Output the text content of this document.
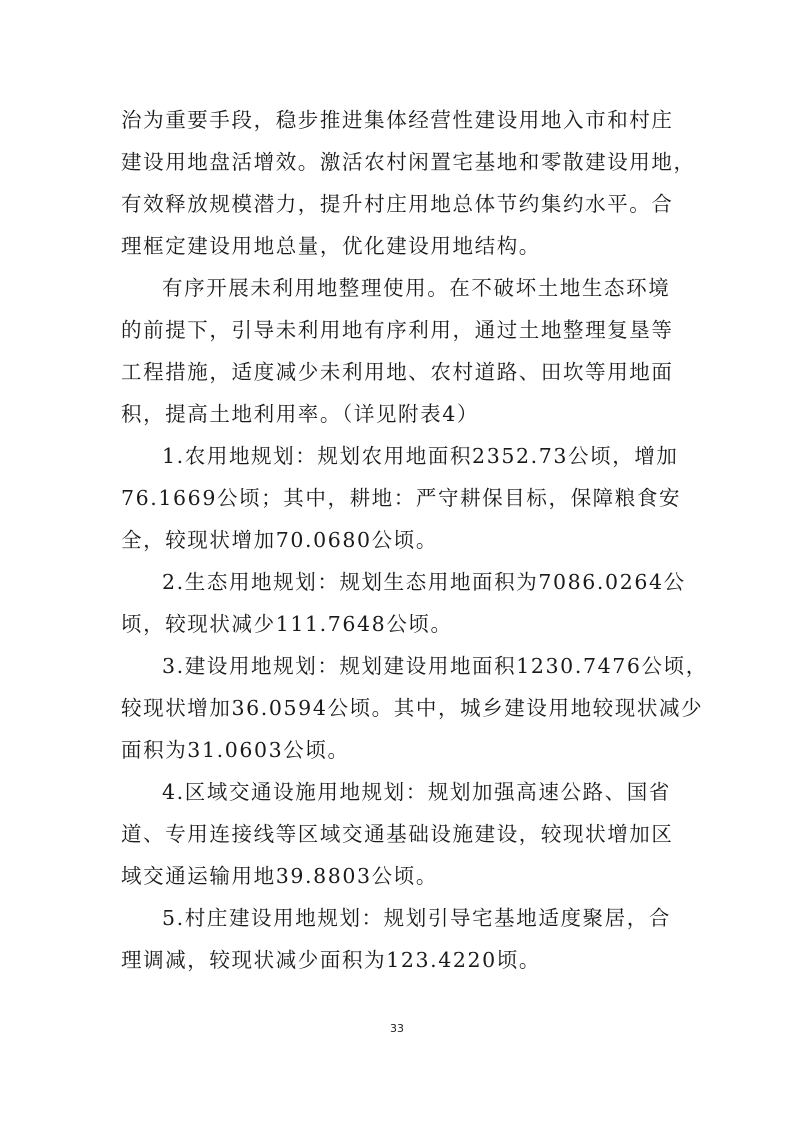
治为重要手段，稳步推进集体经营性建设用地入市和村庄
建设用地盘活增效。激活农村闲置宅基地和零散建设用地，
有效释放规模潜力，提升村庄用地总体节约集约水平。合
理框定建设用地总量，优化建设用地结构。
有序开展未利用地整理使用。在不破坏土地生态环境
的前提下，引导未利用地有序利用，通过土地整理复垦等
工程措施，适度减少未利用地、农村道路、田坎等用地面
积，提高土地利用率。（详见附表4）
1.农用地规划：规划农用地面积2352.73公顷，增加
76.1669公顷；其中，耕地：严守耕保目标，保障粮食安
全，较现状增加70.0680公顷。
2.生态用地规划：规划生态用地面积为7086.0264公
顷，较现状减少111.7648公顷。
3.建设用地规划：规划建设用地面积1230.7476公顷，
较现状增加36.0594公顷。其中，城乡建设用地较现状减少
面积为31.0603公顷。
4.区域交通设施用地规划：规划加强高速公路、国省
道、专用连接线等区域交通基础设施建设，较现状增加区
域交通运输用地39.8803公顷。
5.村庄建设用地规划：规划引导宅基地适度聚居，合
理调减，较现状减少面积为123.4220顷。
33
